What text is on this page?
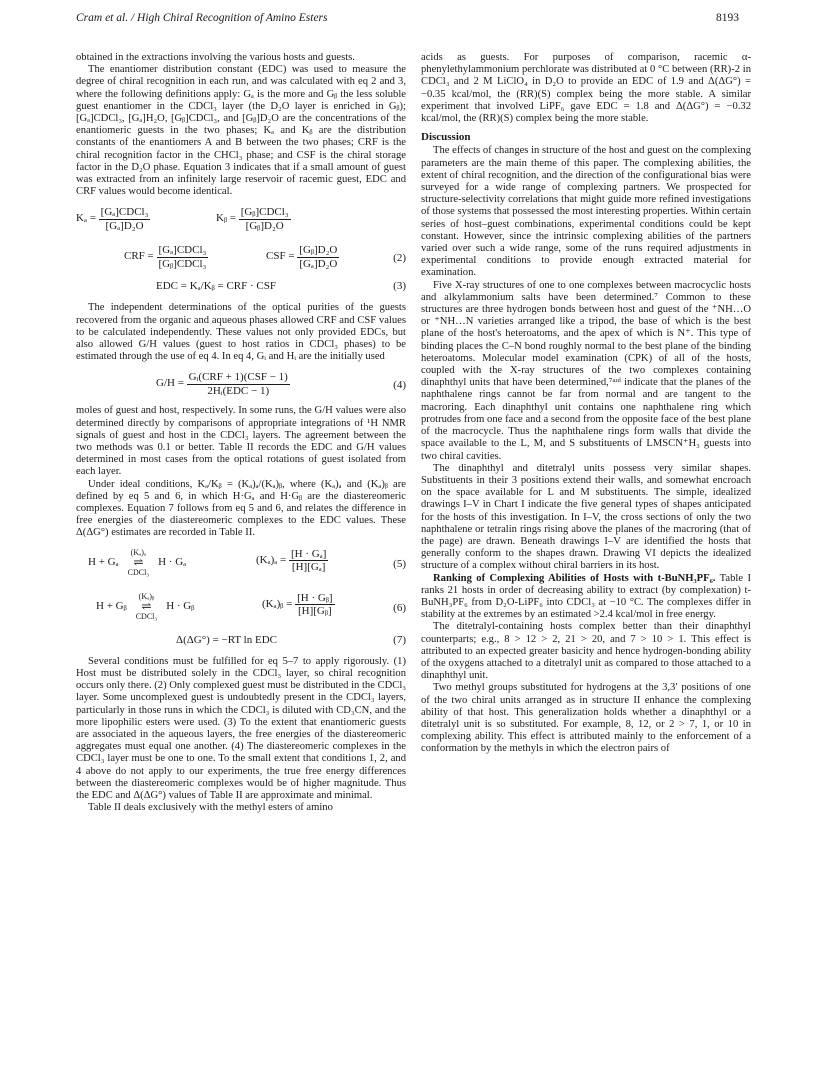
Cram et al. / High Chiral Recognition of Amino Esters	8193

obtained in the extractions involving the various hosts and guests.

The enantiomer distribution constant (EDC) was used to measure the degree of chiral recognition in each run, and was calculated with eq 2 and 3, where the following definitions apply: Gₐ is the more and Gᵦ the less soluble guest enantiomer in the CDCl₃ layer (the D₂O layer is enriched in Gᵦ); [Gₐ]CDCl₃, [Gₐ]H₂O, [Gᵦ]CDCl₃, and [Gᵦ]D₂O are the concentrations of the enantiomeric guests in the two phases; Kₐ and Kᵦ are the distribution constants of the enantiomers A and B between the two phases; CRF is the chiral recognition factor in the CHCl₃ phase; and CSF is the chiral storage factor in the D₂O phase. Equation 3 indicates that if a small amount of guest was extracted from an infinitely large reservoir of racemic guest, EDC and CRF values would become identical.

$K_a = \frac{\text{[Gₐ]CDCl₃}}{\text{[Gₐ]D₂O}}$	Kᵦ = $\frac{\text{[Gᵦ]CDCl₃}}{\text{[Gᵦ]D₂O}}$
CRF = $\frac{\text{[Gₐ]CDCl₃}}{\text{[Gᵦ]CDCl₃}}$	CSF = $\frac{\text{[Gᵦ]D₂O}}{\text{[Gₐ]D₂O}}$	(2)
EDC = Kₐ/Kᵦ = CRF · CSF	(3)

The independent determinations of the optical purities of the guests recovered from the organic and aqueous phases allowed CRF and CSF values to be calculated independently. These values not only provided EDCs, but also allowed G/H values (guest to host ratios in CDCl₃ phases) to be estimated through the use of eq 4. In eq 4, Gᵢ and Hᵢ are the initially used

$G/H = \frac{\text{Gᵢ(CRF + 1)(CSF − 1)}}{\text{2Hᵢ(EDC − 1)}}$	(4)

moles of guest and host, respectively. In some runs, the G/H values were also determined directly by comparisons of appropriate integrations of ¹H NMR signals of guest and host in the CDCl₃ layers. The agreement between the two methods was 0.1 or better. Table II records the EDC and G/H values determined in most cases from the optical rotations of guest isolated from each layer.

Under ideal conditions, Kₐ/Kᵦ = (Kₐ)ₐ/(Kₐ)ᵦ, where (Kₐ)ₐ and (Kₐ)ᵦ are defined by eq 5 and 6, in which H·Gₐ and H·Gᵦ are the diastereomeric complexes. Equation 7 follows from eq 5 and 6, and relates the difference in free energies of the diastereomeric complexes to the EDC values. These Δ(ΔG°) estimates are recorded in Table II.

H + Gₐ
(Kₐ)ₐ
⇌
CDCl₃
H · Gₐ	$(K_a)_a = \frac{\text{[H · Gₐ]}}{\text{[H][Gₐ]}}$	(5)
H + Gᵦ
(Kₐ)ᵦ
⇌
CDCl₃
H · Gᵦ	(Kₐ)ᵦ = $\frac{\text{[H · Gᵦ]}}{\text{[H][Gᵦ]}}$	(6)
Δ(ΔG°) = −RT ln EDC	(7)

Several conditions must be fulfilled for eq 5–7 to apply rigorously. (1) Host must be distributed solely in the CDCl₃ layer, so chiral recognition occurs only there. (2) Only complexed guest must be distributed in the CDCl₃ layer. Some uncomplexed guest is undoubtedly present in the CDCl₃ layers, particularly in those runs in which the CDCl₃ is diluted with CD₃CN, and the more lipophilic esters were used. (3) To the extent that enantiomeric guests are associated in the aqueous layers, the free energies of the diastereomeric aggregates must equal one another. (4) The diastereomeric complexes in the CDCl₃ layer must be one to one. To the small extent that conditions 1, 2, and 4 above do not apply to our experiments, the true free energy differences between the diastereomeric complexes would be of higher magnitude. Thus the EDC and Δ(ΔG°) values of Table II are approximate and minimal.

Table II deals exclusively with the methyl esters of amino

acids as guests. For purposes of comparison, racemic α-phenylethylammonium perchlorate was distributed at 0 °C between (RR)-2 in CDCl₃ and 2 M LiClO₄ in D₂O to provide an EDC of 1.9 and Δ(ΔG°) = −0.35 kcal/mol, the (RR)(S) complex being the more stable. A similar experiment that involved LiPF₆ gave EDC = 1.8 and Δ(ΔG°) = −0.32 kcal/mol, the (RR)(S) complex being the more stable.

Discussion

The effects of changes in structure of the host and guest on the complexing parameters are the main theme of this paper. The complexing abilities, the extent of chiral recognition, and the direction of the configurational bias were surveyed for a wide range of complexing partners. We prospected for structure-selectivity correlations that might guide more refined investigations of those systems that possessed the most interesting properties. Within certain series of host–guest combinations, experimental conditions could be kept constant. However, since the intrinsic complexing abilities of the partners varied over such a wide range, some of the runs required adjustments in experimental conditions to provide enough extracted material for examination.

Five X-ray structures of one to one complexes between macrocyclic hosts and alkylammonium salts have been determined.⁷ Common to these structures are three hydrogen bonds between host and guest of the ⁺NH…O or ⁺NH…N varieties arranged like a tripod, the base of which is the best plane of the host's heteroatoms, and the apex of which is N⁺. This type of binding places the C–N bond roughly normal to the best plane of the binding heteroatoms. Molecular model examination (CPK) of all of the hosts, coupled with the X-ray structures of the two complexes containing dinaphthyl units that have been determined,⁷ᵃʴᵈ indicate that the planes of the naphthalene rings cannot be far from normal and are tangent to the macroring. Each dinaphthyl unit contains one naphthalene ring which protrudes from one face and a second from the opposite face of the best plane of the macrocycle. Thus the naphthalene rings form walls that divide the space available to the L, M, and S substituents of LMSCN⁺H₃ guests into two chiral cavities.

The dinaphthyl and ditetralyl units possess very similar shapes. Substituents in their 3 positions extend their walls, and somewhat encroach on the space available for L and M substituents. The simple, idealized drawings I–V in Chart I indicate the five general types of shapes anticipated for the hosts of this investigation. In I–V, the cross sections of only the two naphthalene or tetralin rings rising above the planes of the macroring (that of the page) are drawn. Beneath drawings I–V are identified the hosts that generally conform to the shapes drawn. Drawing VI depicts the idealized structure of a complex without chiral barriers in its host.

Ranking of Complexing Abilities of Hosts with t-BuNH₃PF₆. Table I ranks 21 hosts in order of decreasing ability to extract (by complexation) t-BuNH₃PF₆ from D₂O-LiPF₆ into CDCl₃ at −10 °C. The complexes differ in stability at the extremes by an estimated >2.4 kcal/mol in free energy.

The ditetralyl-containing hosts complex better than their dinaphthyl counterparts; e.g., 8 > 12 > 2, 21 > 20, and 7 > 10 > 1. This effect is attributed to an expected greater basicity and hence hydrogen-bonding ability of the oxygens attached to a ditetralyl unit as compared to those attached to a dinaphthyl unit.

Two methyl groups substituted for hydrogens at the 3,3′ positions of one of the two chiral units arranged as in structure II enhance the complexing ability of that host. This generalization holds whether a dinaphthyl or a ditetralyl unit is so substituted. For example, 8, 12, or 2 > 7, 1, or 10 in complexing ability. This effect is attributed mainly to the enforcement of a conformation by the methyls in which the electron pairs of
